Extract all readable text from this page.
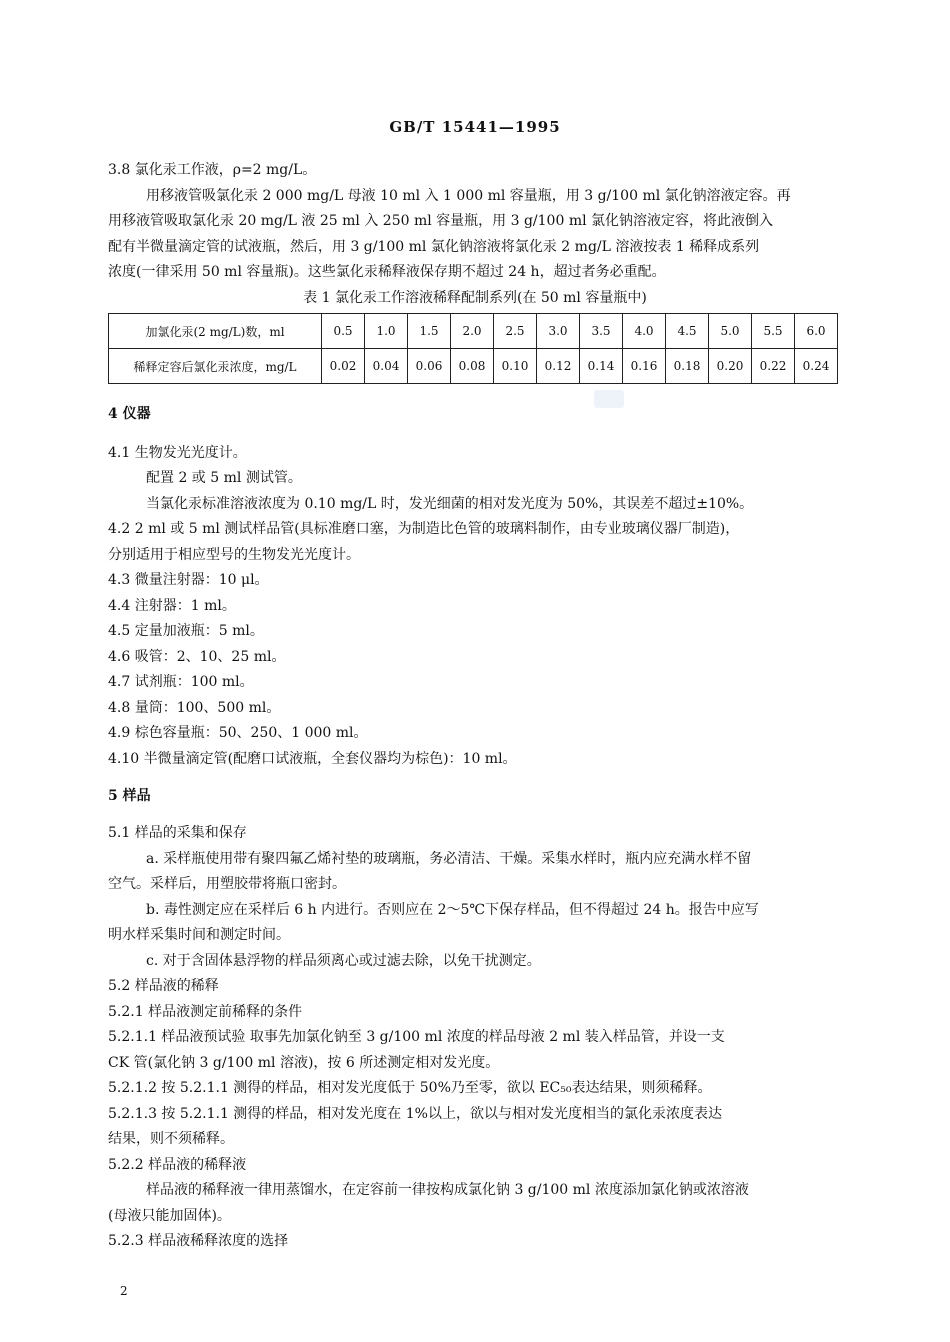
GB/T 15441—1995
3.8 氯化汞工作液，ρ=2 mg/L。
用移液管吸氯化汞 2 000 mg/L 母液 10 ml 入 1 000 ml 容量瓶，用 3 g/100 ml 氯化钠溶液定容。再
用移液管吸取氯化汞 20 mg/L 液 25 ml 入 250 ml 容量瓶，用 3 g/100 ml 氯化钠溶液定容，将此液倒入
配有半微量滴定管的试液瓶，然后，用 3 g/100 ml 氯化钠溶液将氯化汞 2 mg/L 溶液按表 1 稀释成系列
浓度(一律采用 50 ml 容量瓶)。这些氯化汞稀释液保存期不超过 24 h，超过者务必重配。
表 1 氯化汞工作溶液稀释配制系列(在 50 ml 容量瓶中)
加氯化汞(2 mg/L)数，ml	0.5	1.0	1.5	2.0	2.5	3.0	3.5	4.0	4.5	5.0	5.5	6.0
稀释定容后氯化汞浓度，mg/L	0.02	0.04	0.06	0.08	0.10	0.12	0.14	0.16	0.18	0.20	0.22	0.24
4 仪器
4.1 生物发光光度计。
配置 2 或 5 ml 测试管。
当氯化汞标准溶液浓度为 0.10 mg/L 时，发光细菌的相对发光度为 50%，其误差不超过±10%。
4.2 2 ml 或 5 ml 测试样品管(具标准磨口塞，为制造比色管的玻璃料制作，由专业玻璃仪器厂制造)，
分别适用于相应型号的生物发光光度计。
4.3 微量注射器：10 μl。
4.4 注射器：1 ml。
4.5 定量加液瓶：5 ml。
4.6 吸管：2、10、25 ml。
4.7 试剂瓶：100 ml。
4.8 量筒：100、500 ml。
4.9 棕色容量瓶：50、250、1 000 ml。
4.10 半微量滴定管(配磨口试液瓶，全套仪器均为棕色)：10 ml。
5 样品
5.1 样品的采集和保存
a. 采样瓶使用带有聚四氟乙烯衬垫的玻璃瓶，务必清洁、干燥。采集水样时，瓶内应充满水样不留
空气。采样后，用塑胶带将瓶口密封。
b. 毒性测定应在采样后 6 h 内进行。否则应在 2～5℃下保存样品，但不得超过 24 h。报告中应写
明水样采集时间和测定时间。
c. 对于含固体悬浮物的样品须离心或过滤去除，以免干扰测定。
5.2 样品液的稀释
5.2.1 样品液测定前稀释的条件
5.2.1.1 样品液预试验 取事先加氯化钠至 3 g/100 ml 浓度的样品母液 2 ml 装入样品管，并设一支
CK 管(氯化钠 3 g/100 ml 溶液)，按 6 所述测定相对发光度。
5.2.1.2 按 5.2.1.1 测得的样品，相对发光度低于 50%乃至零，欲以 EC₅₀表达结果，则须稀释。
5.2.1.3 按 5.2.1.1 测得的样品，相对发光度在 1%以上，欲以与相对发光度相当的氯化汞浓度表达
结果，则不须稀释。
5.2.2 样品液的稀释液
样品液的稀释液一律用蒸馏水，在定容前一律按构成氯化钠 3 g/100 ml 浓度添加氯化钠或浓溶液
(母液只能加固体)。
5.2.3 样品液稀释浓度的选择
2
